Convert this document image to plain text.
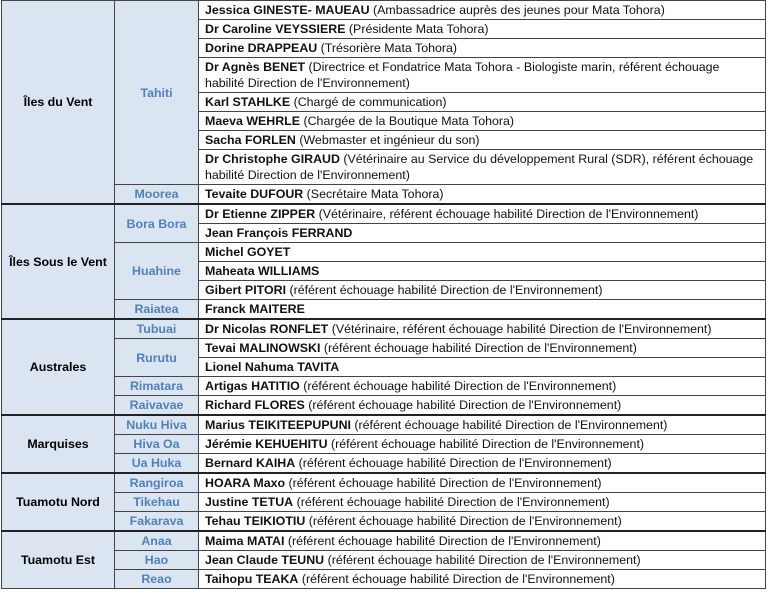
Îles du Vent	Tahiti	Jessica GINESTE- MAUEAU (Ambassadrice auprès des jeunes pour Mata Tohora)
		Dr Caroline VEYSSIERE (Présidente Mata Tohora)
		Dorine DRAPPEAU (Trésorière Mata Tohora)
		Dr Agnès BENET (Directrice et Fondatrice Mata Tohora - Biologiste marin, référent échouage habilité Direction de l'Environnement)
		Karl STAHLKE (Chargé de communication)
		Maeva WEHRLE (Chargée de la Boutique Mata Tohora)
		Sacha FORLEN (Webmaster et ingénieur du son)
		Dr Christophe GIRAUD (Vétérinaire au Service du développement Rural (SDR), référent échouage habilité Direction de l'Environnement)
	Moorea	Tevaite DUFOUR (Secrétaire Mata Tohora)
Îles Sous le Vent	Bora Bora	Dr Etienne ZIPPER (Vétérinaire, référent échouage habilité Direction de l'Environnement)
		Jean François FERRAND
	Huahine	Michel GOYET
		Maheata WILLIAMS
		Gibert PITORI (référent échouage habilité Direction de l'Environnement)
	Raiatea	Franck MAITERE
Australes	Tubuai	Dr Nicolas RONFLET (Vétérinaire, référent échouage habilité Direction de l'Environnement)
	Rurutu	Tevai MALINOWSKI (référent échouage habilité Direction de l'Environnement)
		Lionel Nahuma TAVITA
	Rimatara	Artigas HATITIO (référent échouage habilité Direction de l'Environnement)
	Raivavae	Richard FLORES (référent échouage habilité Direction de l'Environnement)
Marquises	Nuku Hiva	Marius TEIKITEEPUPUNI (référent échouage habilité Direction de l'Environnement)
	Hiva Oa	Jérémie KEHUEHITU (référent échouage habilité Direction de l'Environnement)
	Ua Huka	Bernard KAIHA (référent échouage habilité Direction de l'Environnement)
Tuamotu Nord	Rangiroa	HOARA Maxo (référent échouage habilité Direction de l'Environnement)
	Tikehau	Justine TETUA (référent échouage habilité Direction de l'Environnement)
	Fakarava	Tehau TEIKIOTIU (référent échouage habilité Direction de l'Environnement)
Tuamotu Est	Anaa	Maima MATAI (référent échouage habilité Direction de l'Environnement)
	Hao	Jean Claude TEUNU (référent échouage habilité Direction de l'Environnement)
	Reao	Taihopu TEAKA (référent échouage habilité Direction de l'Environnement)
